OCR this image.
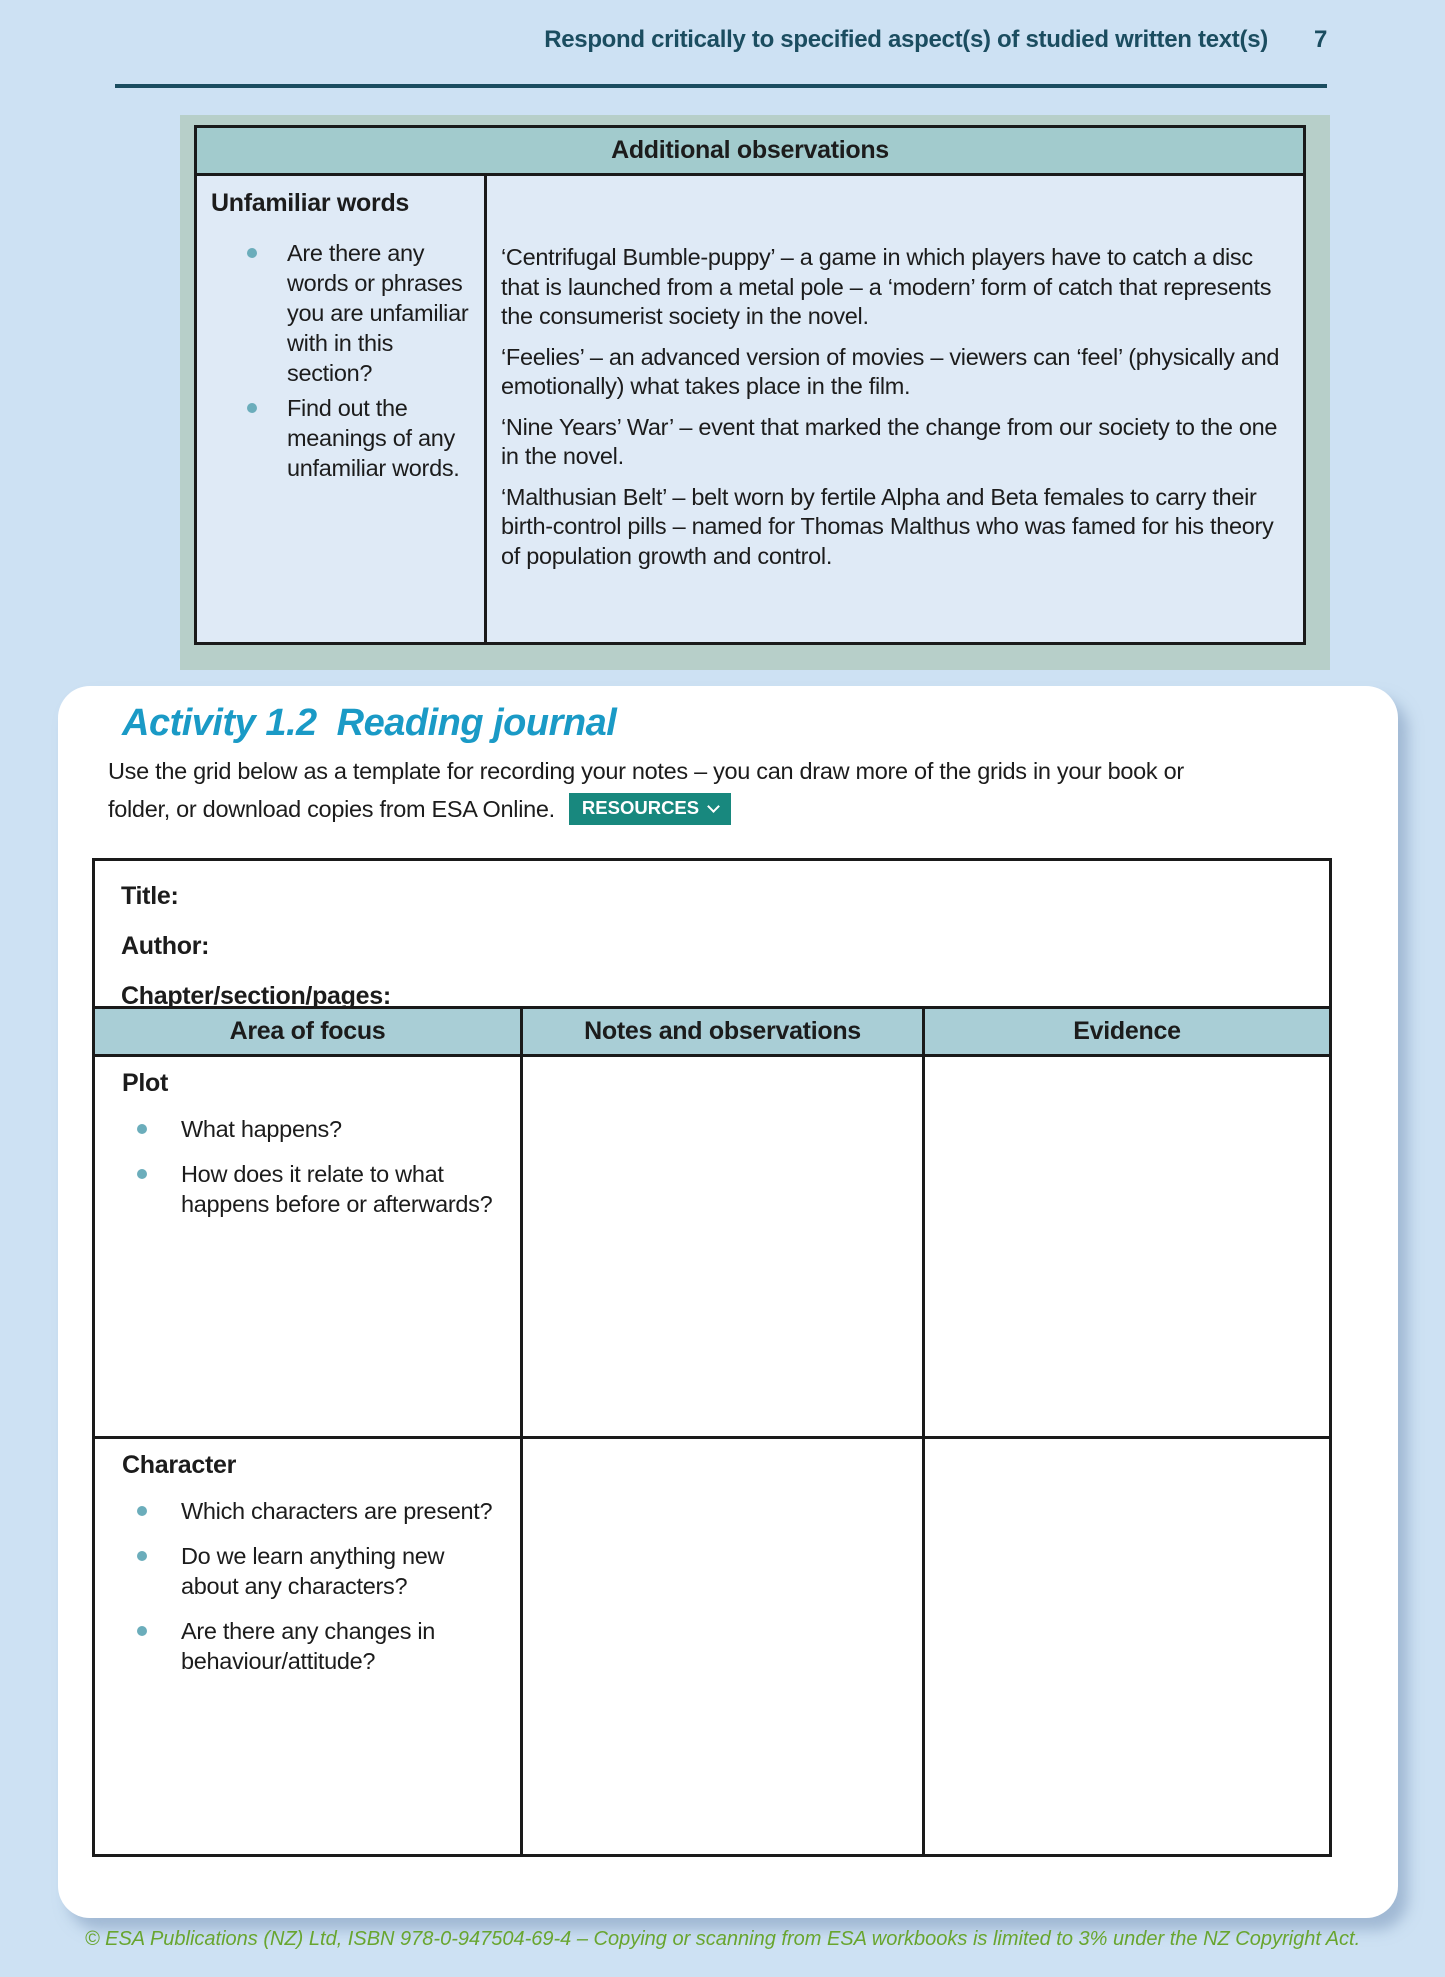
Respond critically to specified aspect(s) of studied written text(s) 7
Additional observations
Unfamiliar words
Are there any words or phrases you are unfamiliar with in this section?
Find out the meanings of any unfamiliar words.

‘Centrifugal Bumble-puppy’ – a game in which players have to catch a disc that is launched from a metal pole – a ‘modern’ form of catch that represents the consumerist society in the novel.

‘Feelies’ – an advanced version of movies – viewers can ‘feel’ (physically and emotionally) what takes place in the film.

‘Nine Years’ War’ – event that marked the change from our society to the one in the novel.

‘Malthusian Belt’ – belt worn by fertile Alpha and Beta females to carry their birth-control pills – named for Thomas Malthus who was famed for his theory of population growth and control.

Activity 1.2 Reading journal
Use the grid below as a template for recording your notes – you can draw more of the grids in your book or
folder, or download copies from ESA Online. RESOURCES
Title:
Author:
Chapter/section/pages:
Area of focus	Notes and observations	Evidence
Plot
What happens?
How does it relate to what happens before or afterwards?
Character
Which characters are present?
Do we learn anything new about any characters?
Are there any changes in behaviour/attitude?
© ESA Publications (NZ) Ltd, ISBN 978-0-947504-69-4 – Copying or scanning from ESA workbooks is limited to 3% under the NZ Copyright Act.
